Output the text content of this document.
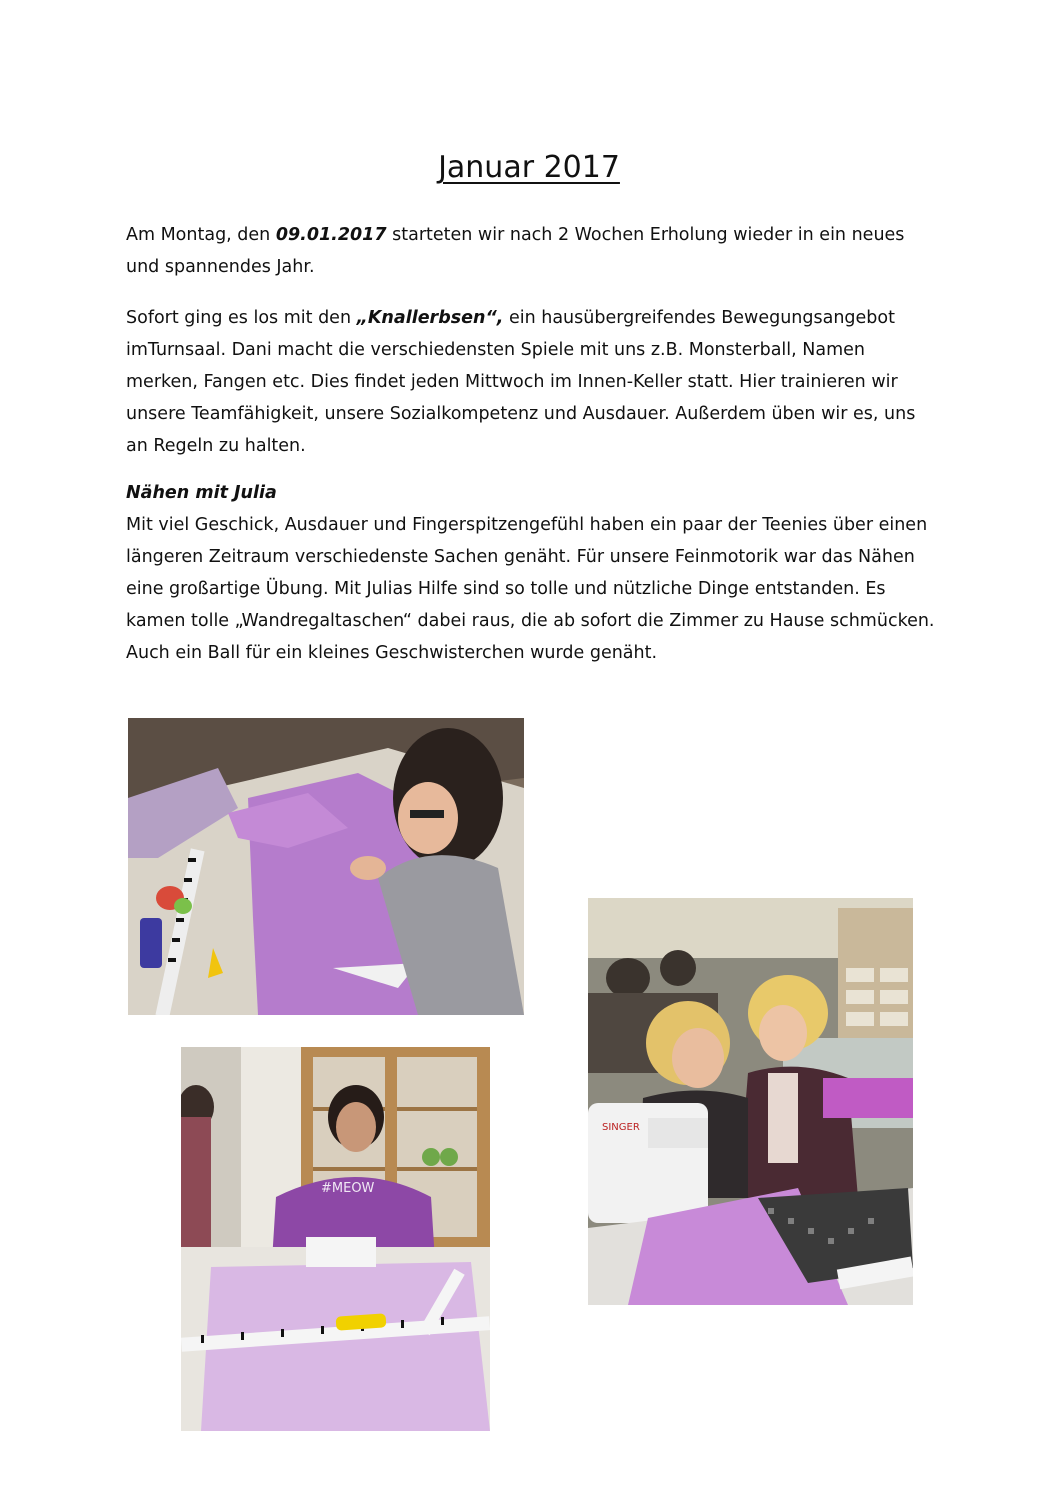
Januar 2017
Am Montag, den 09.01.2017 starteten wir nach 2 Wochen Erholung wieder in ein neues und spannendes Jahr.
Sofort ging es los mit den „Knallerbsen“, ein hausübergreifendes Bewegungsangebot imTurnsaal. Dani macht die verschiedensten Spiele mit uns z.B. Monsterball, Namen merken, Fangen etc. Dies findet jeden Mittwoch im Innen-Keller statt. Hier trainieren wir unsere Teamfähigkeit, unsere Sozialkompetenz und Ausdauer. Außerdem üben wir es, uns an Regeln zu halten.
Nähen mit Julia
Mit viel Geschick, Ausdauer und Fingerspitzengefühl haben ein paar der Teenies über einen längeren Zeitraum verschiedenste Sachen genäht. Für unsere Feinmotorik war das Nähen eine großartige Übung. Mit Julias Hilfe sind so tolle und nützliche Dinge entstanden. Es kamen tolle „Wandregaltaschen“ dabei raus, die ab sofort die Zimmer zu Hause schmücken. Auch ein Ball für ein kleines Geschwisterchen wurde genäht.
SINGER
#MEOW
